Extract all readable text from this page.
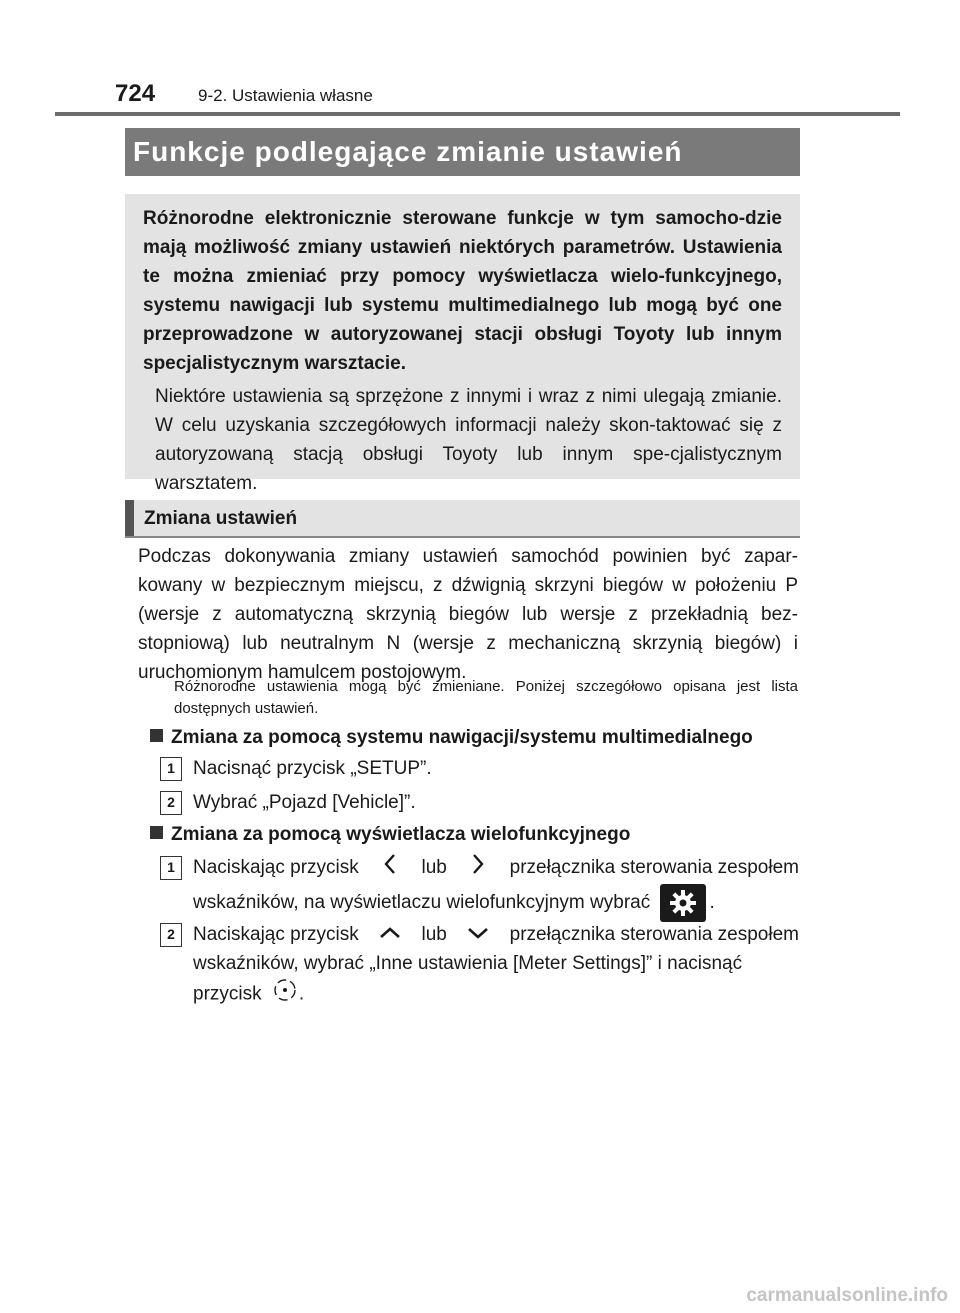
724	9-2. Ustawienia własne
Funkcje podlegające zmianie ustawień

Różnorodne elektronicznie sterowane funkcje w tym samocho-dzie mają możliwość zmiany ustawień niektórych parametrów. Ustawienia te można zmieniać przy pomocy wyświetlacza wielo-funkcyjnego, systemu nawigacji lub systemu multimedialnego lub mogą być one przeprowadzone w autoryzowanej stacji obsługi Toyoty lub innym specjalistycznym warsztacie.

Niektóre ustawienia są sprzężone z innymi i wraz z nimi ulegają zmianie. W celu uzyskania szczegółowych informacji należy skon-taktować się z autoryzowaną stacją obsługi Toyoty lub innym spe-cjalistycznym warsztatem.

Zmiana ustawień

Podczas dokonywania zmiany ustawień samochód powinien być zapar-kowany w bezpiecznym miejscu, z dźwignią skrzyni biegów w położeniu P (wersje z automatyczną skrzynią biegów lub wersje z przekładnią bez-stopniową) lub neutralnym N (wersje z mechaniczną skrzynią biegów) i uruchomionym hamulcem postojowym.

Różnorodne ustawienia mogą być zmieniane. Poniżej szczegółowo opisana jest lista dostępnych ustawień.

Zmiana za pomocą systemu nawigacji/systemu multimedialnego
1 Nacisnąć przycisk „SETUP”.
2 Wybrać „Pojazd [Vehicle]”.
Zmiana za pomocą wyświetlacza wielofunkcyjnego
1 Naciskając przycisk	lub	przełącznika sterowania zespołem
wskaźników, na wyświetlaczu wielofunkcyjnym wybrać	.
2 Naciskając przycisk	lub	przełącznika sterowania zespołem
wskaźników, wybrać „Inne ustawienia [Meter Settings]” i nacisnąć
przycisk .
carmanualsonline.info
